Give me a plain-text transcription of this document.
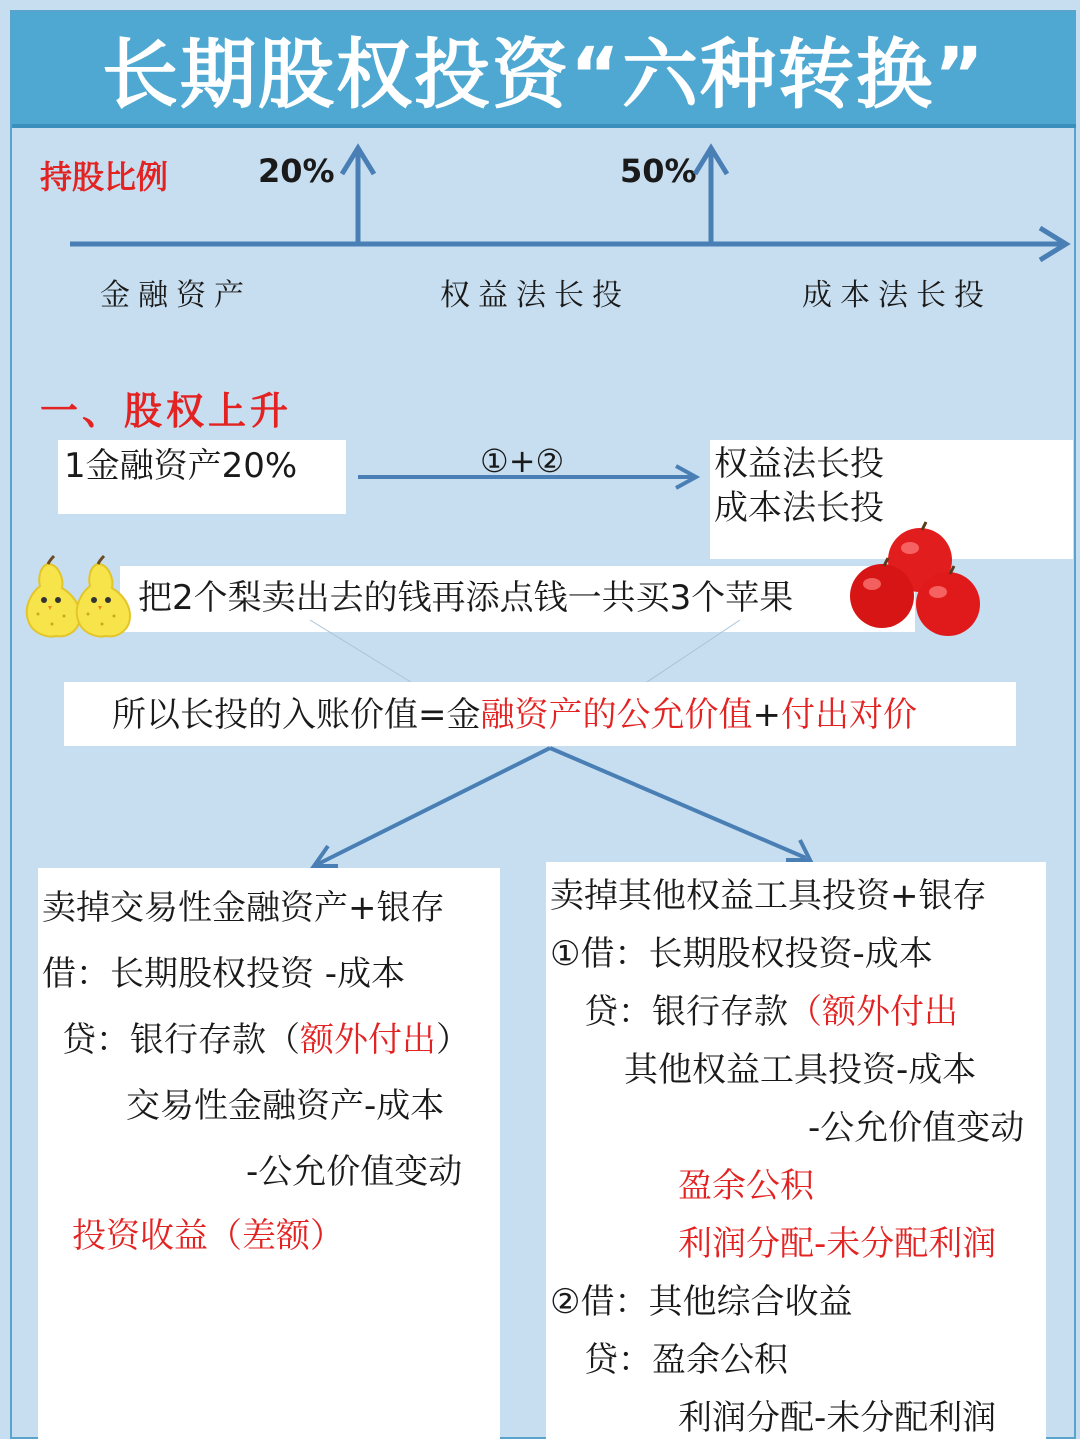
长期股权投资“六种转换”
持股比例	20%	50%
金融资产	权益法长投	成本法长投
一、股权上升
1金融资产20%	①+②	权益法长投
成本法长投
把2个梨卖出去的钱再添点钱一共买3个苹果
所以长投的入账价值=金融资产的公允价值+付出对价
卖掉交易性金融资产+银存
借：长期股权投资 -成本
贷：银行存款（额外付出）
交易性金融资产-成本
-公允价值变动
投资收益（差额）
卖掉其他权益工具投资+银存
①借：长期股权投资-成本
贷：银行存款（额外付出
其他权益工具投资-成本
-公允价值变动
盈余公积
利润分配-未分配利润
②借：其他综合收益
贷：盈余公积
利润分配-未分配利润
